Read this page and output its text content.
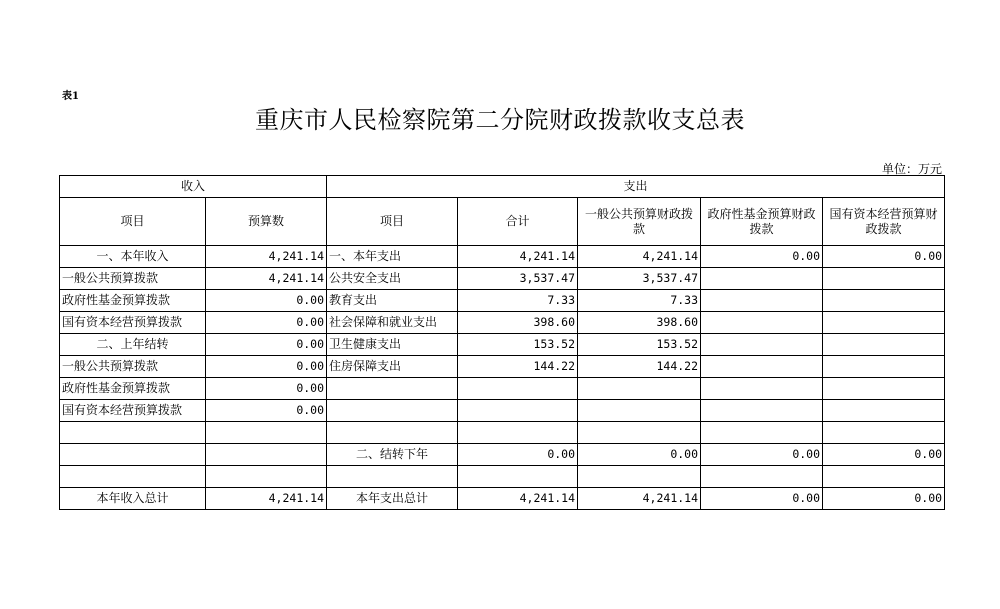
表1
重庆市人民检察院第二分院财政拨款收支总表
单位：万元
收入		支出				
项目	预算数	项目	合计	一般公共预算财政拨款	政府性基金预算财政拨款	国有资本经营预算财政拨款
一、本年收入	4,241.14	一、本年支出	4,241.14	4,241.14	0.00	0.00
一般公共预算拨款	4,241.14	公共安全支出	3,537.47	3,537.47		
政府性基金预算拨款	0.00	教育支出	7.33	7.33		
国有资本经营预算拨款	0.00	社会保障和就业支出	398.60	398.60		
二、上年结转	0.00	卫生健康支出	153.52	153.52		
一般公共预算拨款	0.00	住房保障支出	144.22	144.22		
政府性基金预算拨款	0.00					
国有资本经营预算拨款	0.00					

		二、结转下年	0.00	0.00	0.00	0.00

本年收入总计	4,241.14	本年支出总计	4,241.14	4,241.14	0.00	0.00
